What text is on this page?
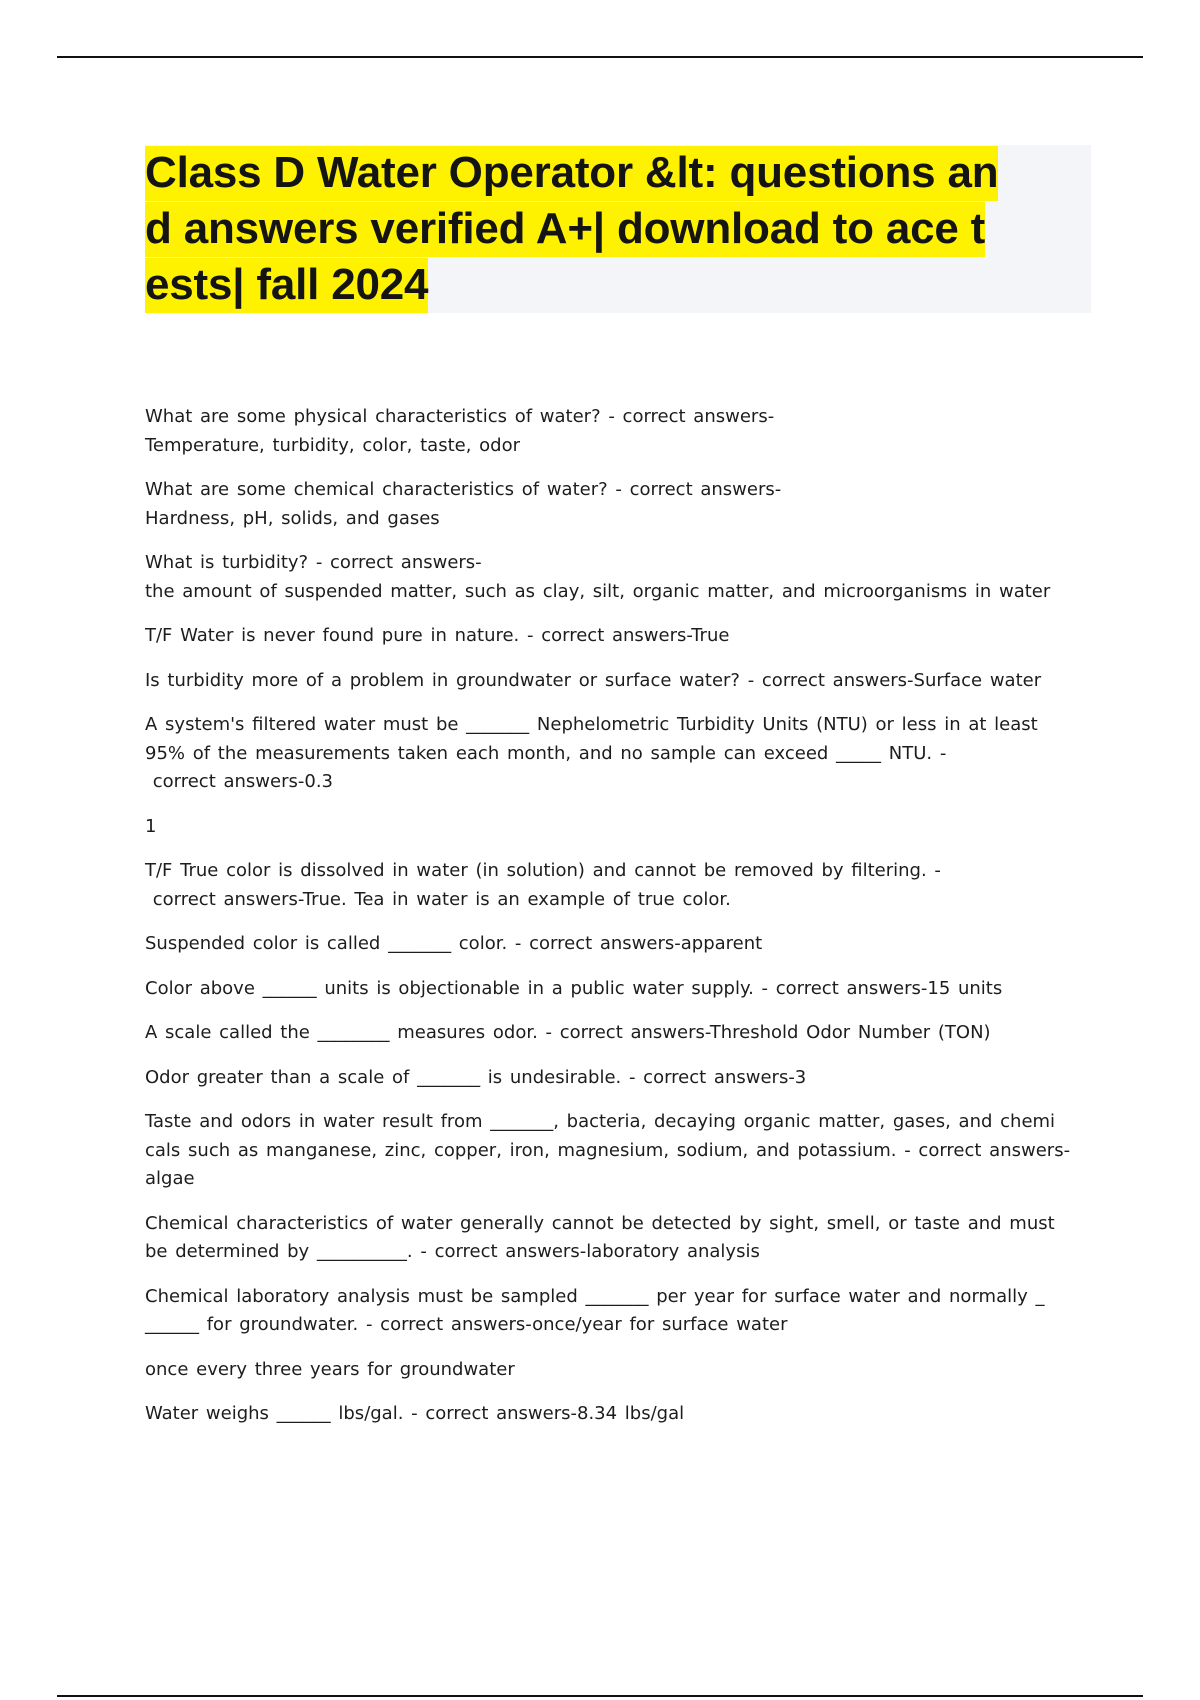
Class D Water Operator &lt: questions an
d answers verified A+| download to ace t
ests| fall 2024

What are some physical characteristics of water? - correct answers-
Temperature, turbidity, color, taste, odor

What are some chemical characteristics of water? - correct answers-
Hardness, pH, solids, and gases

What is turbidity? - correct answers-
the amount of suspended matter, such as clay, silt, organic matter, and microorganisms in water

T/F Water is never found pure in nature. - correct answers-True

Is turbidity more of a problem in groundwater or surface water? - correct answers-Surface water

A system's filtered water must be _______ Nephelometric Turbidity Units (NTU) or less in at least
95% of the measurements taken each month, and no sample can exceed _____ NTU. -
correct answers-0.3

1

T/F True color is dissolved in water (in solution) and cannot be removed by filtering. -
correct answers-True. Tea in water is an example of true color.

Suspended color is called _______ color. - correct answers-apparent

Color above ______ units is objectionable in a public water supply. - correct answers-15 units

A scale called the ________ measures odor. - correct answers-Threshold Odor Number (TON)

Odor greater than a scale of _______ is undesirable. - correct answers-3

Taste and odors in water result from _______, bacteria, decaying organic matter, gases, and chemi
cals such as manganese, zinc, copper, iron, magnesium, sodium, and potassium. - correct answers-
algae

Chemical characteristics of water generally cannot be detected by sight, smell, or taste and must
be determined by __________. - correct answers-laboratory analysis

Chemical laboratory analysis must be sampled _______ per year for surface water and normally _
______ for groundwater. - correct answers-once/year for surface water

once every three years for groundwater

Water weighs ______ lbs/gal. - correct answers-8.34 lbs/gal
